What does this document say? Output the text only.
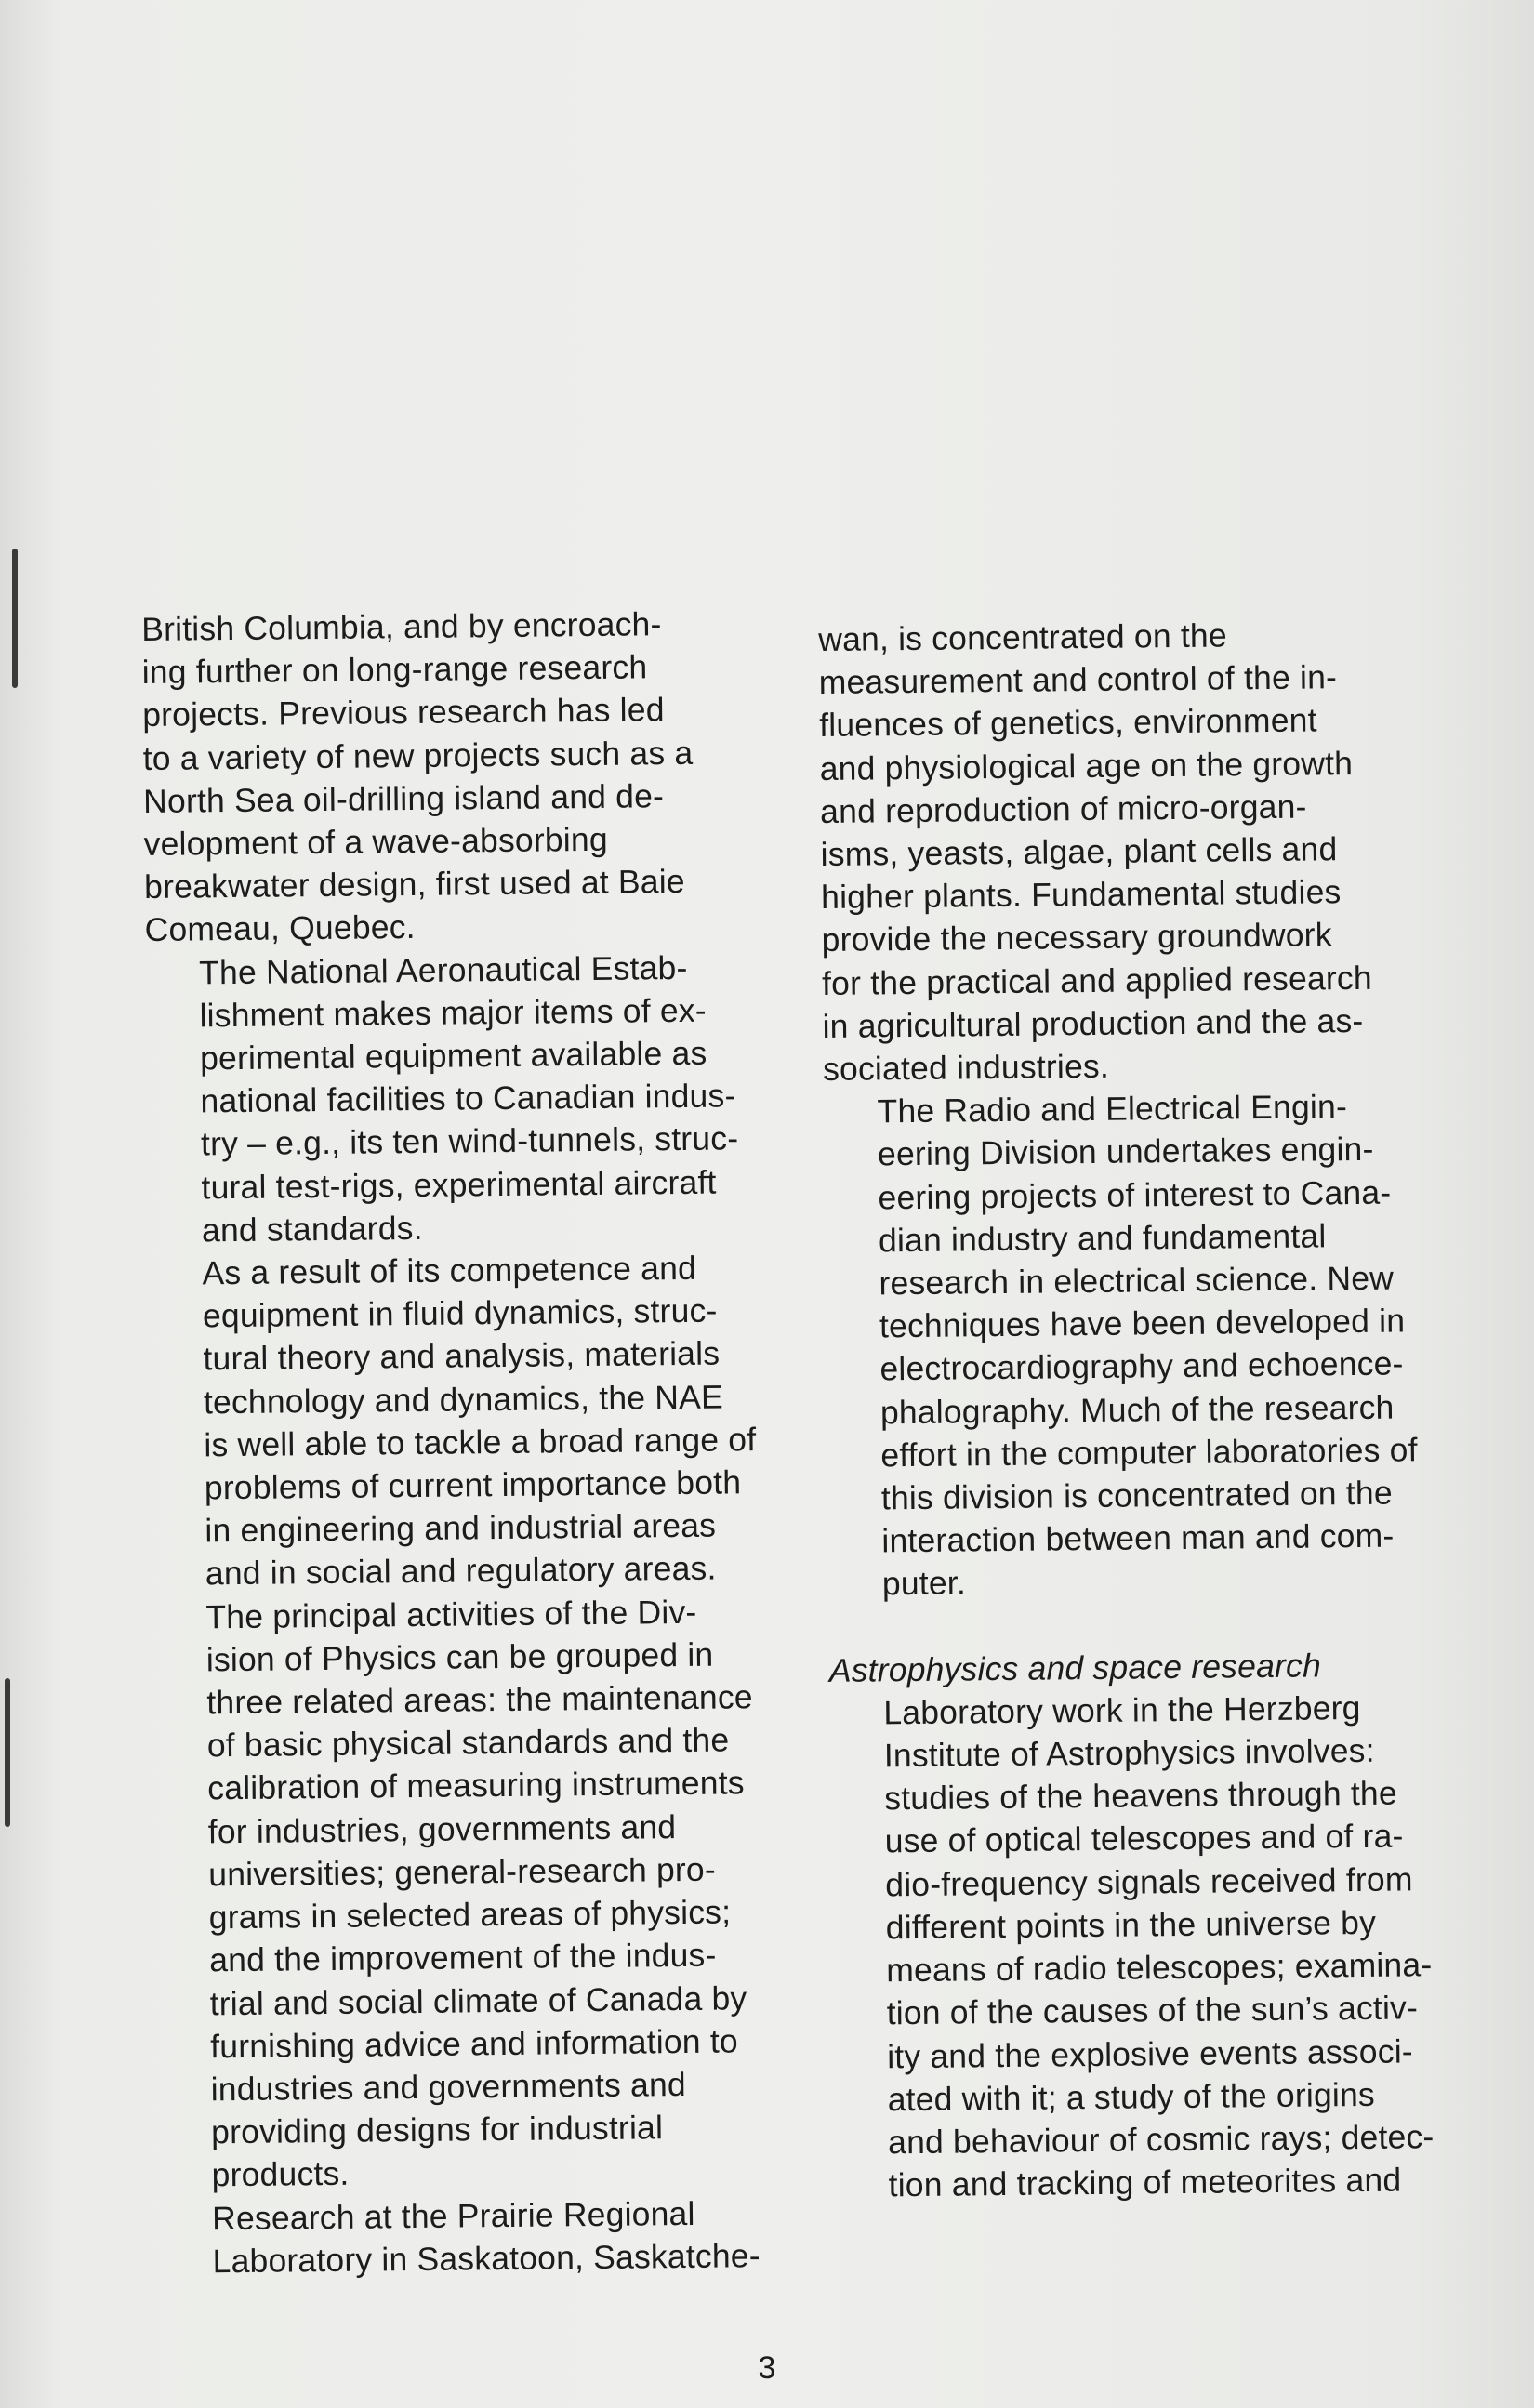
British Columbia, and by encroach-
ing further on long-range research
projects. Previous research has led
to a variety of new projects such as a
North Sea oil-drilling island and de-
velopment of a wave-absorbing
breakwater design, first used at Baie
Comeau, Quebec.

The National Aeronautical Estab-
lishment makes major items of ex-
perimental equipment available as
national facilities to Canadian indus-
try – e.g., its ten wind-tunnels, struc-
tural test-rigs, experimental aircraft
and standards.

As a result of its competence and
equipment in fluid dynamics, struc-
tural theory and analysis, materials
technology and dynamics, the NAE
is well able to tackle a broad range of
problems of current importance both
in engineering and industrial areas
and in social and regulatory areas.

The principal activities of the Div-
ision of Physics can be grouped in
three related areas: the maintenance
of basic physical standards and the
calibration of measuring instruments
for industries, governments and
universities; general-research pro-
grams in selected areas of physics;
and the improvement of the indus-
trial and social climate of Canada by
furnishing advice and information to
industries and governments and
providing designs for industrial
products.

Research at the Prairie Regional
Laboratory in Saskatoon, Saskatche-

wan, is concentrated on the
measurement and control of the in-
fluences of genetics, environment
and physiological age on the growth
and reproduction of micro-organ-
isms, yeasts, algae, plant cells and
higher plants. Fundamental studies
provide the necessary groundwork
for the practical and applied research
in agricultural production and the as-
sociated industries.

The Radio and Electrical Engin-
eering Division undertakes engin-
eering projects of interest to Cana-
dian industry and fundamental
research in electrical science. New
techniques have been developed in
electrocardiography and echoence-
phalography. Much of the research
effort in the computer laboratories of
this division is concentrated on the
interaction between man and com-
puter.

Astrophysics and space research

Laboratory work in the Herzberg
Institute of Astrophysics involves:
studies of the heavens through the
use of optical telescopes and of ra-
dio-frequency signals received from
different points in the universe by
means of radio telescopes; examina-
tion of the causes of the sun’s activ-
ity and the explosive events associ-
ated with it; a study of the origins
and behaviour of cosmic rays; detec-
tion and tracking of meteorites and

3
